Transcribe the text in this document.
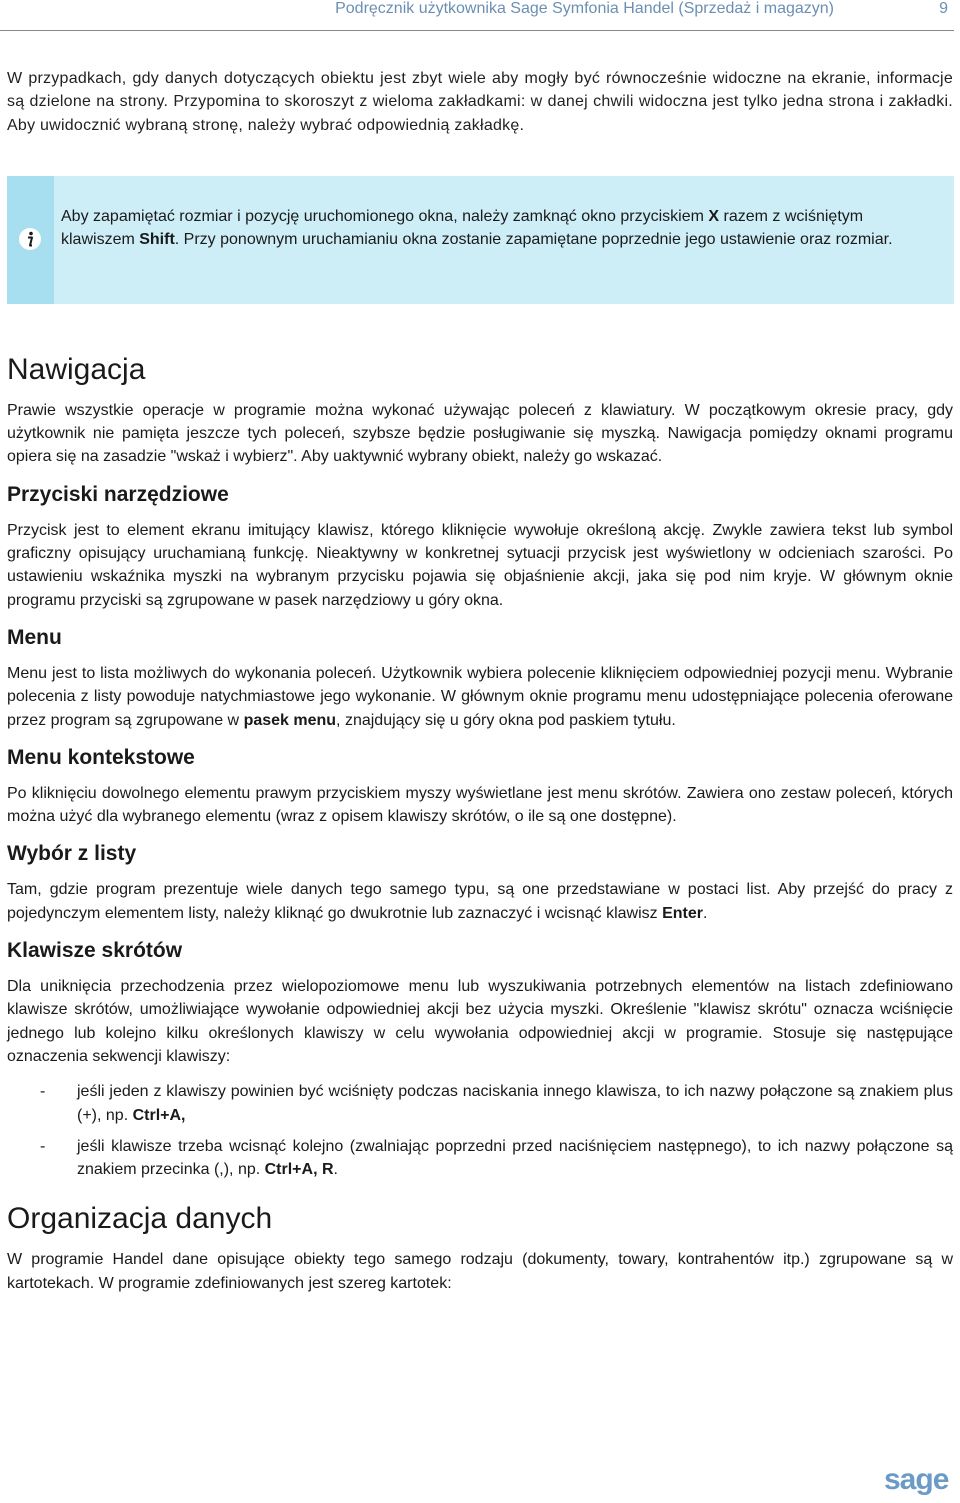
Podręcznik użytkownika Sage Symfonia Handel (Sprzedaż i magazyn)	9

W przypadkach, gdy danych dotyczących obiektu jest zbyt wiele aby mogły być równocześnie widoczne na ekranie, informacje są dzielone na strony. Przypomina to skoroszyt z wieloma zakładkami: w danej chwili widoczna jest tylko jedna strona i zakładki. Aby uwidocznić wybraną stronę, należy wybrać odpowiednią zakładkę.

Aby zapamiętać rozmiar i pozycję uruchomionego okna, należy zamknąć okno przyciskiem X razem z wciśniętym klawiszem Shift. Przy ponownym uruchamianiu okna zostanie zapamiętane poprzednie jego ustawienie oraz rozmiar.
Nawigacja

Prawie wszystkie operacje w programie można wykonać używając poleceń z klawiatury. W początkowym okresie pracy, gdy użytkownik nie pamięta jeszcze tych poleceń, szybsze będzie posługiwanie się myszką. Nawigacja pomiędzy oknami programu opiera się na zasadzie "wskaż i wybierz". Aby uaktywnić wybrany obiekt, należy go wskazać.

Przyciski narzędziowe

Przycisk jest to element ekranu imitujący klawisz, którego kliknięcie wywołuje określoną akcję. Zwykle zawiera tekst lub symbol graficzny opisujący uruchamianą funkcję. Nieaktywny w konkretnej sytuacji przycisk jest wyświetlony w odcieniach szarości. Po ustawieniu wskaźnika myszki na wybranym przycisku pojawia się objaśnienie akcji, jaka się pod nim kryje. W głównym oknie programu przyciski są zgrupowane w pasek narzędziowy u góry okna.

Menu

Menu jest to lista możliwych do wykonania poleceń. Użytkownik wybiera polecenie kliknięciem odpowiedniej pozycji menu. Wybranie polecenia z listy powoduje natychmiastowe jego wykonanie. W głównym oknie programu menu udostępniające polecenia oferowane przez program są zgrupowane w pasek menu, znajdujący się u góry okna pod paskiem tytułu.

Menu kontekstowe

Po kliknięciu dowolnego elementu prawym przyciskiem myszy wyświetlane jest menu skrótów. Zawiera ono zestaw poleceń, których można użyć dla wybranego elementu (wraz z opisem klawiszy skrótów, o ile są one dostępne).

Wybór z listy

Tam, gdzie program prezentuje wiele danych tego samego typu, są one przedstawiane w postaci list. Aby przejść do pracy z pojedynczym elementem listy, należy kliknąć go dwukrotnie lub zaznaczyć i wcisnąć klawisz Enter.

Klawisze skrótów

Dla uniknięcia przechodzenia przez wielopoziomowe menu lub wyszukiwania potrzebnych elementów na listach zdefiniowano klawisze skrótów, umożliwiające wywołanie odpowiedniej akcji bez użycia myszki. Określenie "klawisz skrótu" oznacza wciśnięcie jednego lub kolejno kilku określonych klawiszy w celu wywołania odpowiedniej akcji w programie. Stosuje się następujące oznaczenia sekwencji klawiszy:

- jeśli jeden z klawiszy powinien być wciśnięty podczas naciskania innego klawisza, to ich nazwy połączone są znakiem plus (+), np. Ctrl+A,
- jeśli klawisze trzeba wcisnąć kolejno (zwalniając poprzedni przed naciśnięciem następnego), to ich nazwy połączone są znakiem przecinka (,), np. Ctrl+A, R.
Organizacja danych

W programie Handel dane opisujące obiekty tego samego rodzaju (dokumenty, towary, kontrahentów itp.) zgrupowane są w kartotekach. W programie zdefiniowanych jest szereg kartotek:

sage
